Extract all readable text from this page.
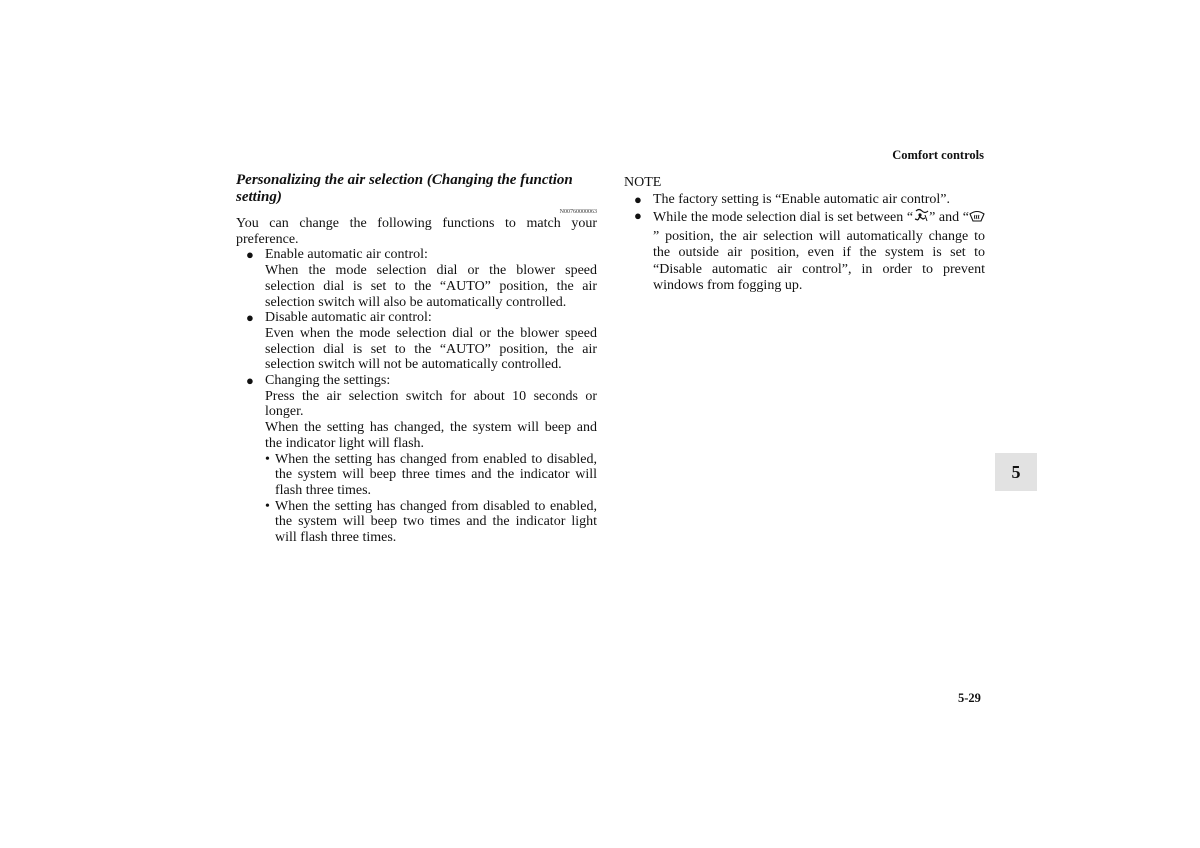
Comfort controls

Personalizing the air selection (Changing the function setting)

N00760000063
You can change the following functions to match your preference.
● Enable automatic air control:
When the mode selection dial or the blower speed selection dial is set to the “AUTO” position, the air selection switch will also be automatically controlled.
● Disable automatic air control:
Even when the mode selection dial or the blower speed selection dial is set to the “AUTO” position, the air selection switch will not be automatically controlled.
● Changing the settings:
Press the air selection switch for about 10 seconds or longer.
When the setting has changed, the system will beep and the indicator light will flash.
• When the setting has changed from enabled to disabled, the system will beep three times and the indicator will flash three times.
• When the setting has changed from disabled to enabled, the system will beep two times and the indicator light will flash three times.
NOTE
● The factory setting is “Enable automatic air control”.
● While the mode selection dial is set between “ ” and “” position, the air selection will automatically change to the outside air position, even if the system is set to “Disable automatic air control”, in order to prevent windows from fogging up.
5
5-29
